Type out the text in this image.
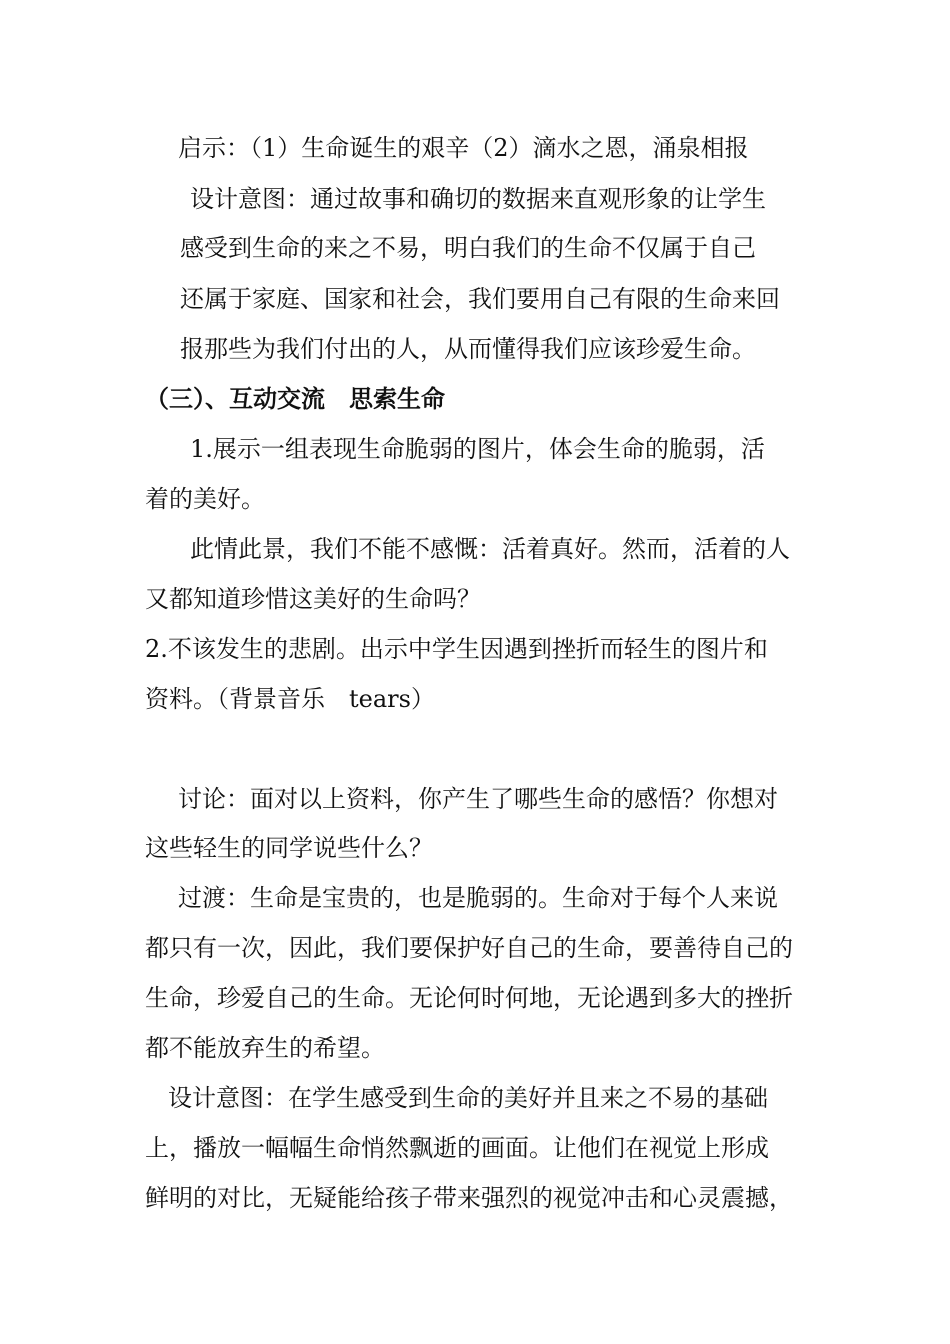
启示：（1）生命诞生的艰辛（2）滴水之恩，涌泉相报
设计意图：通过故事和确切的数据来直观形象的让学生
感受到生命的来之不易，明白我们的生命不仅属于自己
还属于家庭、国家和社会，我们要用自己有限的生命来回
报那些为我们付出的人，从而懂得我们应该珍爱生命。
（三）、互动交流　思索生命
1.展示一组表现生命脆弱的图片，体会生命的脆弱，活
着的美好。
此情此景，我们不能不感慨：活着真好。然而，活着的人
又都知道珍惜这美好的生命吗？
2.不该发生的悲剧。出示中学生因遇到挫折而轻生的图片和
资料。（背景音乐　tears）
讨论：面对以上资料，你产生了哪些生命的感悟？你想对
这些轻生的同学说些什么？
过渡：生命是宝贵的，也是脆弱的。生命对于每个人来说
都只有一次，因此，我们要保护好自己的生命，要善待自己的
生命，珍爱自己的生命。无论何时何地，无论遇到多大的挫折
都不能放弃生的希望。
设计意图：在学生感受到生命的美好并且来之不易的基础
上，播放一幅幅生命悄然飘逝的画面。让他们在视觉上形成
鲜明的对比，无疑能给孩子带来强烈的视觉冲击和心灵震撼，
